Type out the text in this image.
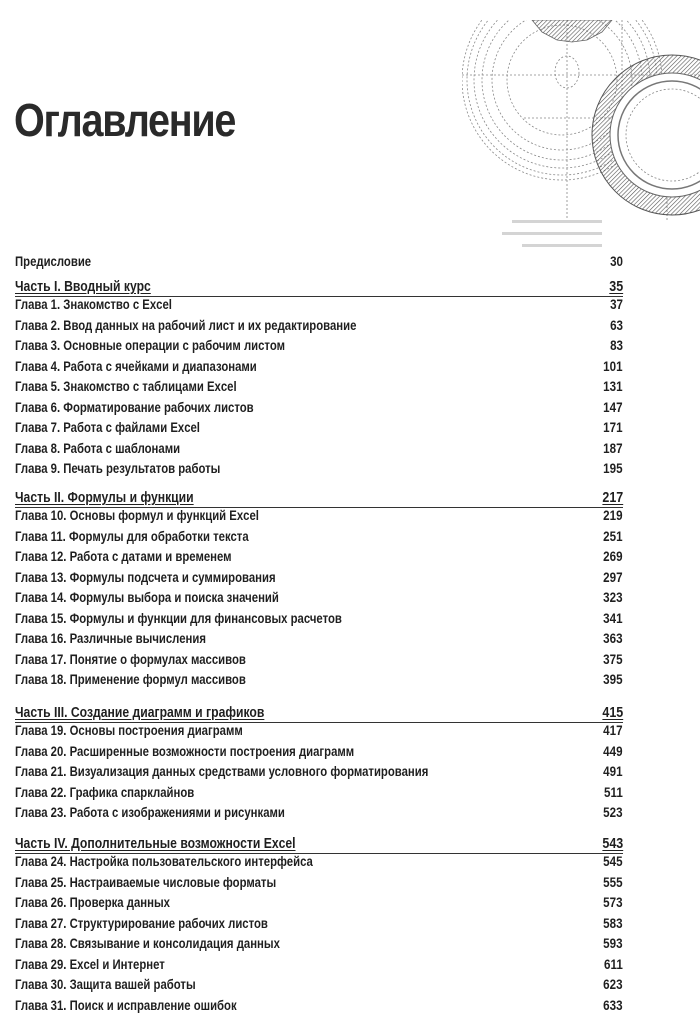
Оглавление
Предисловие	30
Часть I. Вводный курс	35
Глава 1. Знакомство с Excel	37
Глава 2. Ввод данных на рабочий лист и их редактирование	63
Глава 3. Основные операции с рабочим листом	83
Глава 4. Работа с ячейками и диапазонами	101
Глава 5. Знакомство с таблицами Excel	131
Глава 6. Форматирование рабочих листов	147
Глава 7. Работа с файлами Excel	171
Глава 8. Работа с шаблонами	187
Глава 9. Печать результатов работы	195
Часть II. Формулы и функции	217
Глава 10. Основы формул и функций Excel	219
Глава 11. Формулы для обработки текста	251
Глава 12. Работа с датами и временем	269
Глава 13. Формулы подсчета и суммирования	297
Глава 14. Формулы выбора и поиска значений	323
Глава 15. Формулы и функции для финансовых расчетов	341
Глава 16. Различные вычисления	363
Глава 17. Понятие о формулах массивов	375
Глава 18. Применение формул массивов	395
Часть III. Создание диаграмм и графиков	415
Глава 19. Основы построения диаграмм	417
Глава 20. Расширенные возможности построения диаграмм	449
Глава 21. Визуализация данных средствами условного форматирования	491
Глава 22. Графика спарклайнов	511
Глава 23. Работа с изображениями и рисунками	523
Часть IV. Дополнительные возможности Excel	543
Глава 24. Настройка пользовательского интерфейса	545
Глава 25. Настраиваемые числовые форматы	555
Глава 26. Проверка данных	573
Глава 27. Структурирование рабочих листов	583
Глава 28. Связывание и консолидация данных	593
Глава 29. Excel и Интернет	611
Глава 30. Защита вашей работы	623
Глава 31. Поиск и исправление ошибок	633
